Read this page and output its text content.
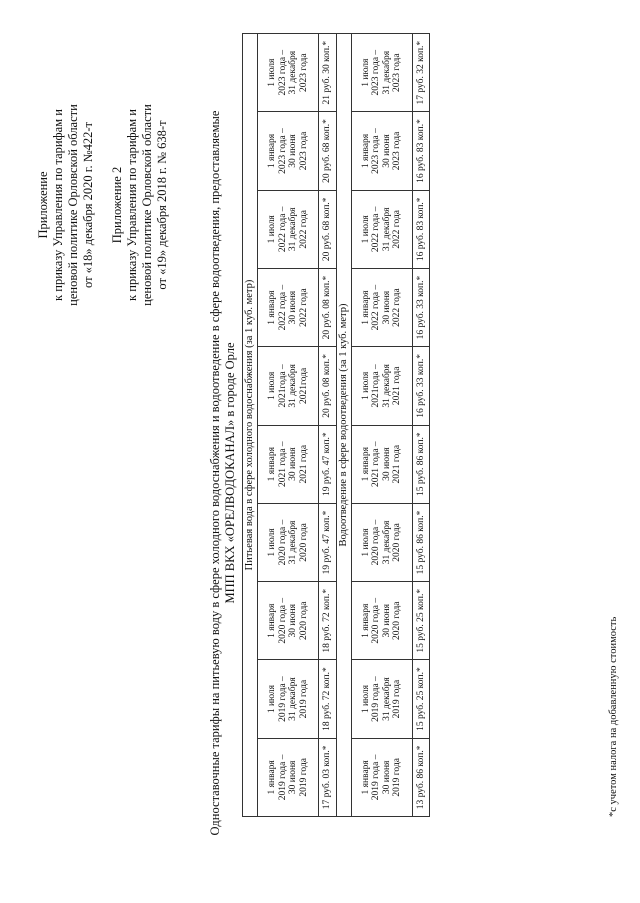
Приложение к приказу Управления по тарифам и ценовой политике Орловской области от «18» декабря 2020 г. №422-т Приложение 2 к приказу Управления по тарифам и ценовой политике Орловской области от «19» декабря 2018 г. № 638-т	Одноставочные тарифы на питьевую воду в сфере холодного водоснабжения и водоотведение в сфере водоотведения, предоставляемые МПП ВКХ «ОРЕЛВОДОКАНАЛ» в городе Орле Питьевая вода в сфере холодного водоснабжения (за 1 куб. метр)									

1 января 2019 года – 30 июня 2019 года	1 июля 2019 года – 31 декабря 2019 года	1 января 2020 года – 30 июня 2020 года	1 июля 2020 года – 31 декабря 2020 года	1 января 2021 года – 30 июня 2021 года	1 июля 2021года – 31 декабря 2021года	1 января 2022 года – 30 июня 2022 года	1 июля 2022 года – 31 декабря 2022 года	1 января 2023 года – 30 июня 2023 года	1 июля 2023 года – 31 декабря 2023 года

17 руб. 03 коп.*	18 руб. 72 коп.*	18 руб. 72 коп.*	19 руб. 47 коп.*	19 руб. 47 коп.*	20 руб. 08 коп.*	20 руб. 08 коп.*	20 руб. 68 коп.*	20 руб. 68 коп.*	21 руб. 30 коп.*
Водоотведение в сфере водоотведения (за 1 куб. метр)									

1 января 2019 года – 30 июня 2019 года	1 июля 2019 года – 31 декабря 2019 года	1 января 2020 года – 30 июня 2020 года	1 июля 2020 года – 31 декабря 2020 года	1 января 2021 года – 30 июня 2021 года	1 июля 2021года – 31 декабря 2021 года	1 января 2022 года – 30 июня 2022 года	1 июля 2022 года – 31 декабря 2022 года	1 января 2023 года – 30 июня 2023 года	1 июля 2023 года – 31 декабря 2023 года

13 руб. 86 коп.*	15 руб. 25 коп.*	15 руб. 25 коп.*	15 руб. 86 коп.*	15 руб. 86 коп.*	16 руб. 33 коп.*	16 руб. 33 коп.*	16 руб. 83 коп.*	16 руб. 83 коп.*	17 руб. 32 коп.*
*с учетом налога на добавленную стоимость
